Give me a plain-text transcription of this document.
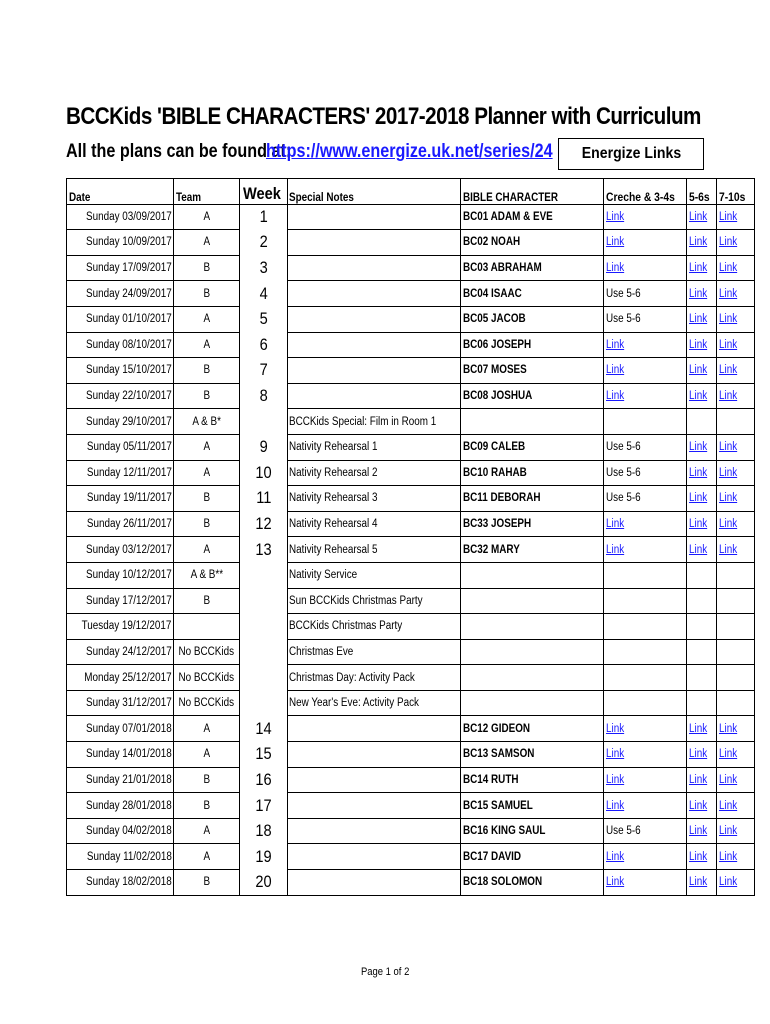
BCCKids 'BIBLE CHARACTERS' 2017-2018 Planner with Curriculum
All the plans can be found at:
https://www.energize.uk.net/series/24	Energize Links
Date	Team	Week	Special Notes	BIBLE CHARACTER	Creche & 3-4s	5-6s	7-10s
Sunday 03/09/2017	A	1		BC01 ADAM & EVE	Link	Link	Link
Sunday 10/09/2017	A	2		BC02 NOAH	Link	Link	Link
Sunday 17/09/2017	B	3		BC03 ABRAHAM	Link	Link	Link
Sunday 24/09/2017	B	4		BC04 ISAAC	Use 5-6	Link	Link
Sunday 01/10/2017	A	5		BC05 JACOB	Use 5-6	Link	Link
Sunday 08/10/2017	A	6		BC06 JOSEPH	Link	Link	Link
Sunday 15/10/2017	B	7		BC07 MOSES	Link	Link	Link
Sunday 22/10/2017	B	8		BC08 JOSHUA	Link	Link	Link
Sunday 29/10/2017	A & B*		BCCKids Special: Film in Room 1				
Sunday 05/11/2017	A	9	Nativity Rehearsal 1	BC09 CALEB	Use 5-6	Link	Link
Sunday 12/11/2017	A	10	Nativity Rehearsal 2	BC10 RAHAB	Use 5-6	Link	Link
Sunday 19/11/2017	B	11	Nativity Rehearsal 3	BC11 DEBORAH	Use 5-6	Link	Link
Sunday 26/11/2017	B	12	Nativity Rehearsal 4	BC33 JOSEPH	Link	Link	Link
Sunday 03/12/2017	A	13	Nativity Rehearsal 5	BC32 MARY	Link	Link	Link
Sunday 10/12/2017	A & B**		Nativity Service				
Sunday 17/12/2017	B		Sun BCCKids Christmas Party				
Tuesday 19/12/2017			BCCKids Christmas Party				
Sunday 24/12/2017	No BCCKids		Christmas Eve				
Monday 25/12/2017	No BCCKids		Christmas Day: Activity Pack				
Sunday 31/12/2017	No BCCKids		New Year's Eve: Activity Pack				
Sunday 07/01/2018	A	14		BC12 GIDEON	Link	Link	Link
Sunday 14/01/2018	A	15		BC13 SAMSON	Link	Link	Link
Sunday 21/01/2018	B	16		BC14 RUTH	Link	Link	Link
Sunday 28/01/2018	B	17		BC15 SAMUEL	Link	Link	Link
Sunday 04/02/2018	A	18		BC16 KING SAUL	Use 5-6	Link	Link
Sunday 11/02/2018	A	19		BC17 DAVID	Link	Link	Link
Sunday 18/02/2018	B	20		BC18 SOLOMON	Link	Link	Link
Page 1 of 2
